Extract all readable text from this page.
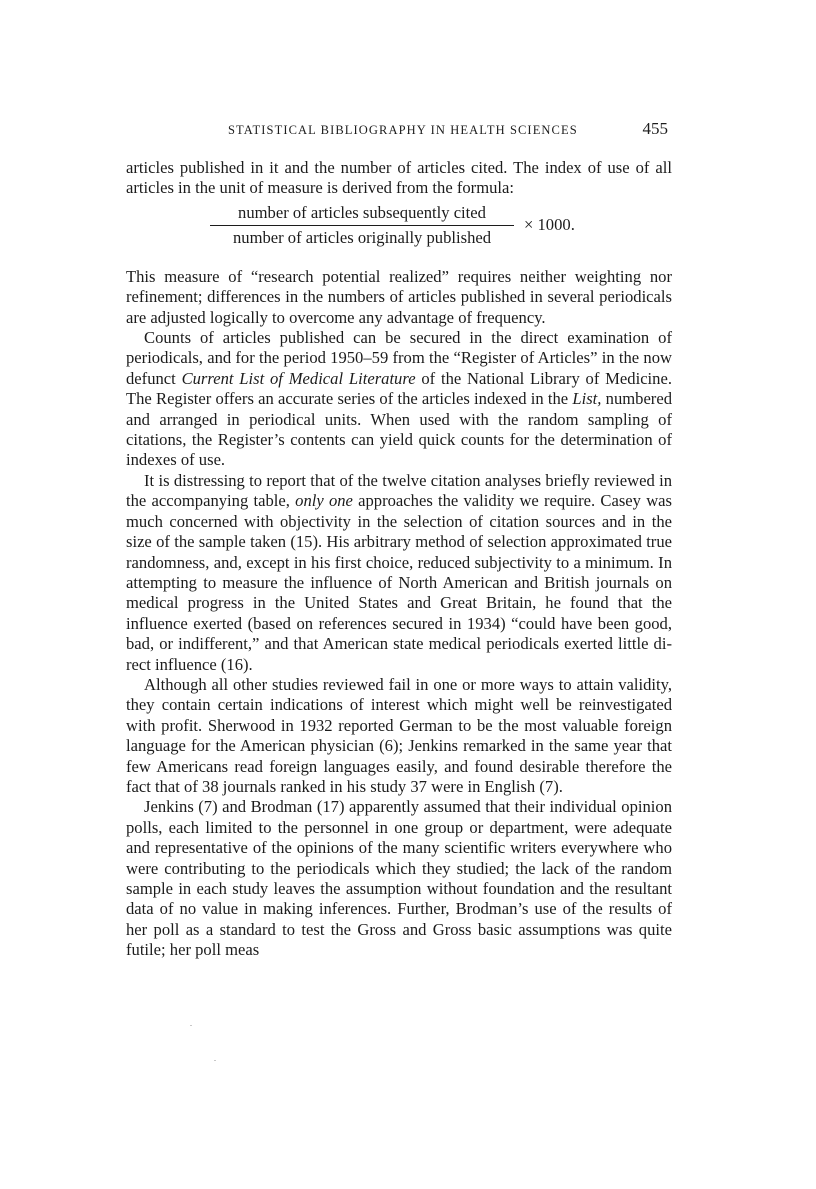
STATISTICAL BIBLIOGRAPHY IN HEALTH SCIENCES	455

articles published in it and the number of articles cited. The index of use of all articles in the unit of measure is derived from the formula:

number of articles subsequently cited
number of articles originally published
× 1000.

This measure of “research potential realized” requires neither weighting nor refinement; differences in the numbers of articles published in several periodicals are adjusted logically to overcome any advantage of frequency.

Counts of articles published can be secured in the direct examination of periodicals, and for the period 1950–59 from the “Register of Articles” in the now defunct Current List of Medical Literature of the National Library of Medicine. The Register offers an accurate series of the articles indexed in the List, numbered and arranged in periodical units. When used with the random sampling of citations, the Register’s contents can yield quick counts for the determination of indexes of use.

It is distressing to report that of the twelve citation analyses briefly reviewed in the accompanying table, only one approaches the validity we require. Casey was much concerned with objectivity in the selection of citation sources and in the size of the sample taken (15). His arbitrary method of selection approximated true randomness, and, except in his first choice, reduced subjectivity to a minimum. In attempting to measure the influence of North American and British journals on medical progress in the United States and Great Britain, he found that the influence exerted (based on references secured in 1934) “could have been good, bad, or indifferent,” and that American state medical periodicals exerted little direct influence (16).

Although all other studies reviewed fail in one or more ways to attain validity, they contain certain indications of interest which might well be reinvestigated with profit. Sherwood in 1932 reported German to be the most valuable foreign language for the American physician (6); Jenkins remarked in the same year that few Americans read foreign languages easily, and found desirable therefore the fact that of 38 journals ranked in his study 37 were in English (7).

Jenkins (7) and Brodman (17) apparently assumed that their individual opinion polls, each limited to the personnel in one group or department, were adequate and representative of the opinions of the many scientific writers everywhere who were contributing to the periodicals which they studied; the lack of the random sample in each study leaves the assumption without foundation and the resultant data of no value in making inferences. Further, Brodman’s use of the results of her poll as a standard to test the Gross and Gross basic assumptions was quite futile; her poll meas
